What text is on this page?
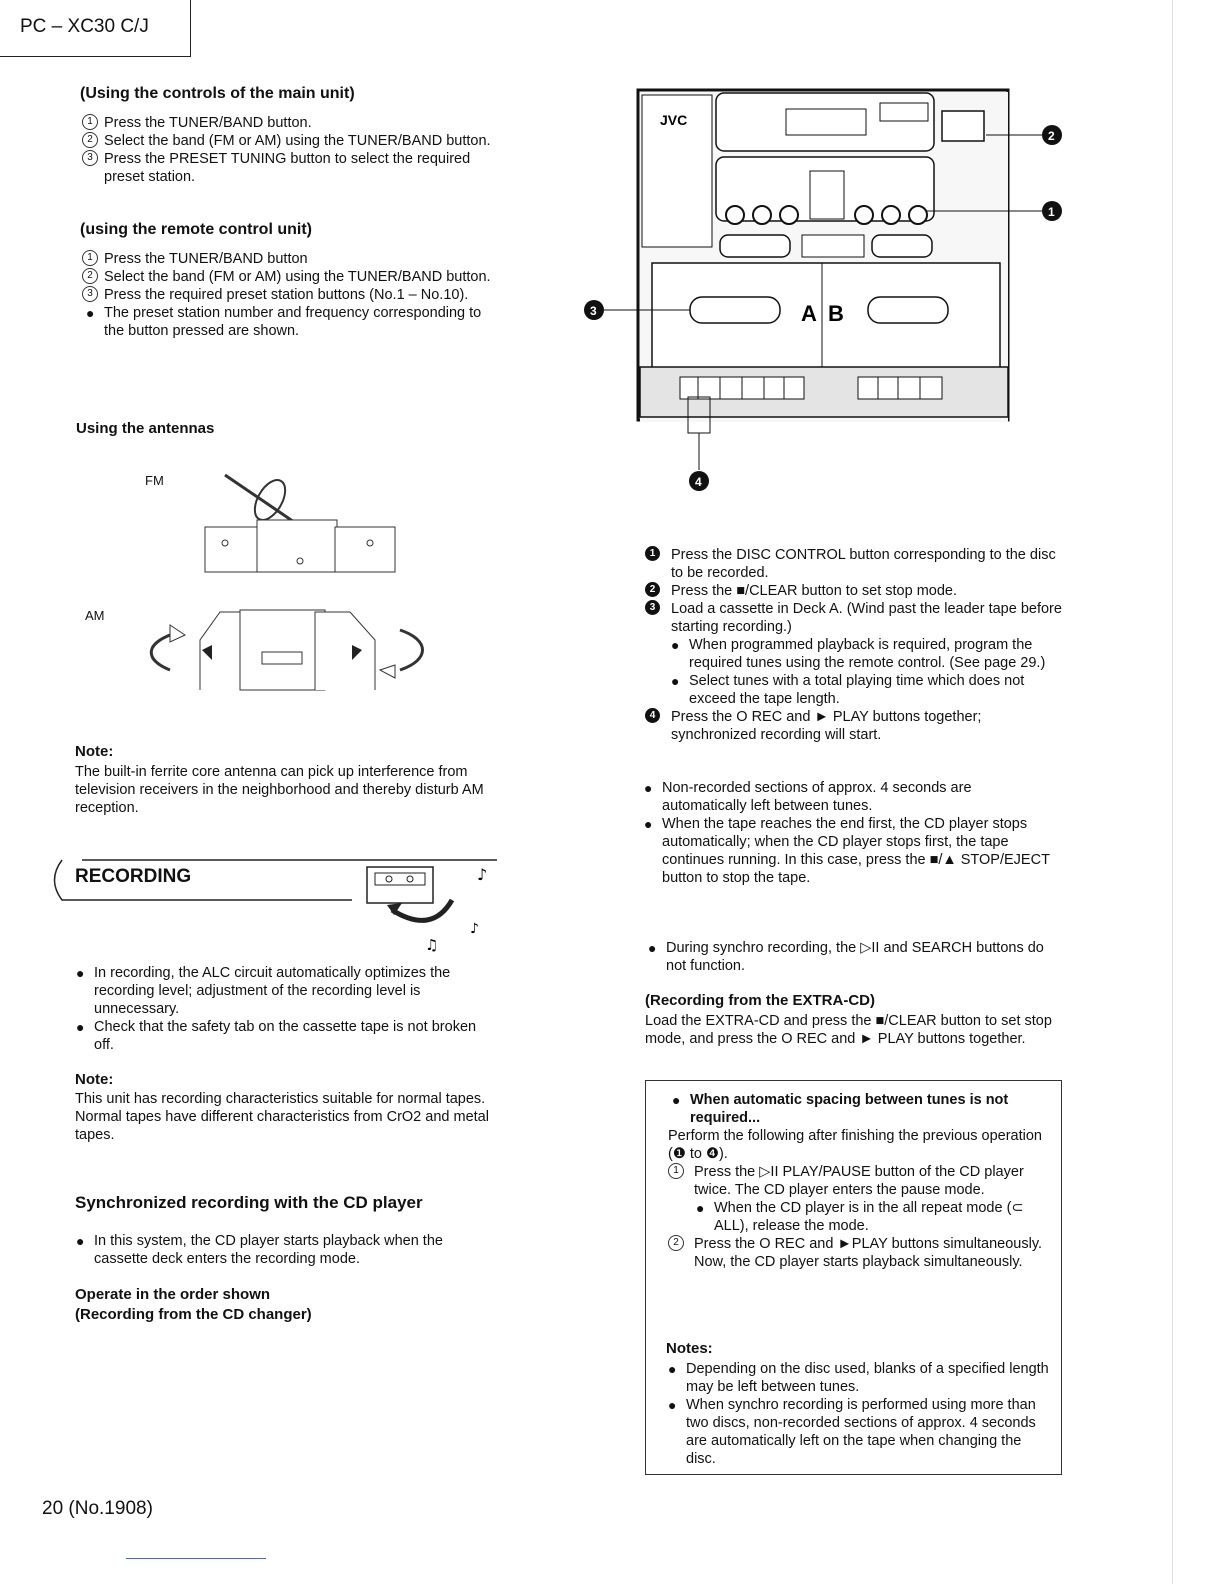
PC – XC30 C/J
(Using the controls of the main unit)
1 Press the TUNER/BAND button.
2 Select the band (FM or AM) using the TUNER/BAND button.
3 Press the PRESET TUNING button to select the required preset station.
(using the remote control unit)
1 Press the TUNER/BAND button
2 Select the band (FM or AM) using the TUNER/BAND button.
3 Press the required preset station buttons (No.1 – No.10).
● The preset station number and frequency corresponding to the button pressed are shown.
Using the antennas
FM
AM
Note:
The built-in ferrite core antenna can pick up interference from television receivers in the neighborhood and thereby disturb AM reception.
♪
♪
♫
RECORDING
● In recording, the ALC circuit automatically optimizes the recording level; adjustment of the recording level is unnecessary.
● Check that the safety tab on the cassette tape is not broken off.
Note:
This unit has recording characteristics suitable for normal tapes. Normal tapes have different characteristics from CrO2 and metal tapes.
Synchronized recording with the CD player
● In this system, the CD player starts playback when the cassette deck enters the recording mode.
Operate in the order shown
(Recording from the CD changer)
JVC
A B
2
1
3
4
1	Press the DISC CONTROL button corresponding to the disc to be recorded.
2	Press the ■/CLEAR button to set stop mode.
3	Load a cassette in Deck A. (Wind past the leader tape before starting recording.)
● When programmed playback is required, program the required tunes using the remote control. (See page 29.)
● Select tunes with a total playing time which does not exceed the tape length.
4	Press the O REC and ► PLAY buttons together; synchronized recording will start.
● Non-recorded sections of approx. 4 seconds are automatically left between tunes.
● When the tape reaches the end first, the CD player stops automatically; when the CD player stops first, the tape continues running. In this case, press the ■/▲ STOP/EJECT button to stop the tape.
● During synchro recording, the ▷II and SEARCH buttons do not function.
(Recording from the EXTRA-CD)
Load the EXTRA-CD and press the ■/CLEAR button to set stop mode, and press the O REC and ► PLAY buttons together.
● When automatic spacing between tunes is not required...
Perform the following after finishing the previous operation (❶ to ❹).
1	Press the ▷II PLAY/PAUSE button of the CD player twice. The CD player enters the pause mode.
● When the CD player is in the all repeat mode (⊂ ALL), release the mode.
2	Press the O REC and ►PLAY buttons simultaneously.
Now, the CD player starts playback simultaneously.
Notes:
● Depending on the disc used, blanks of a specified length may be left between tunes.
● When synchro recording is performed using more than two discs, non-recorded sections of approx. 4 seconds are automatically left on the tape when changing the disc.
20 (No.1908)
